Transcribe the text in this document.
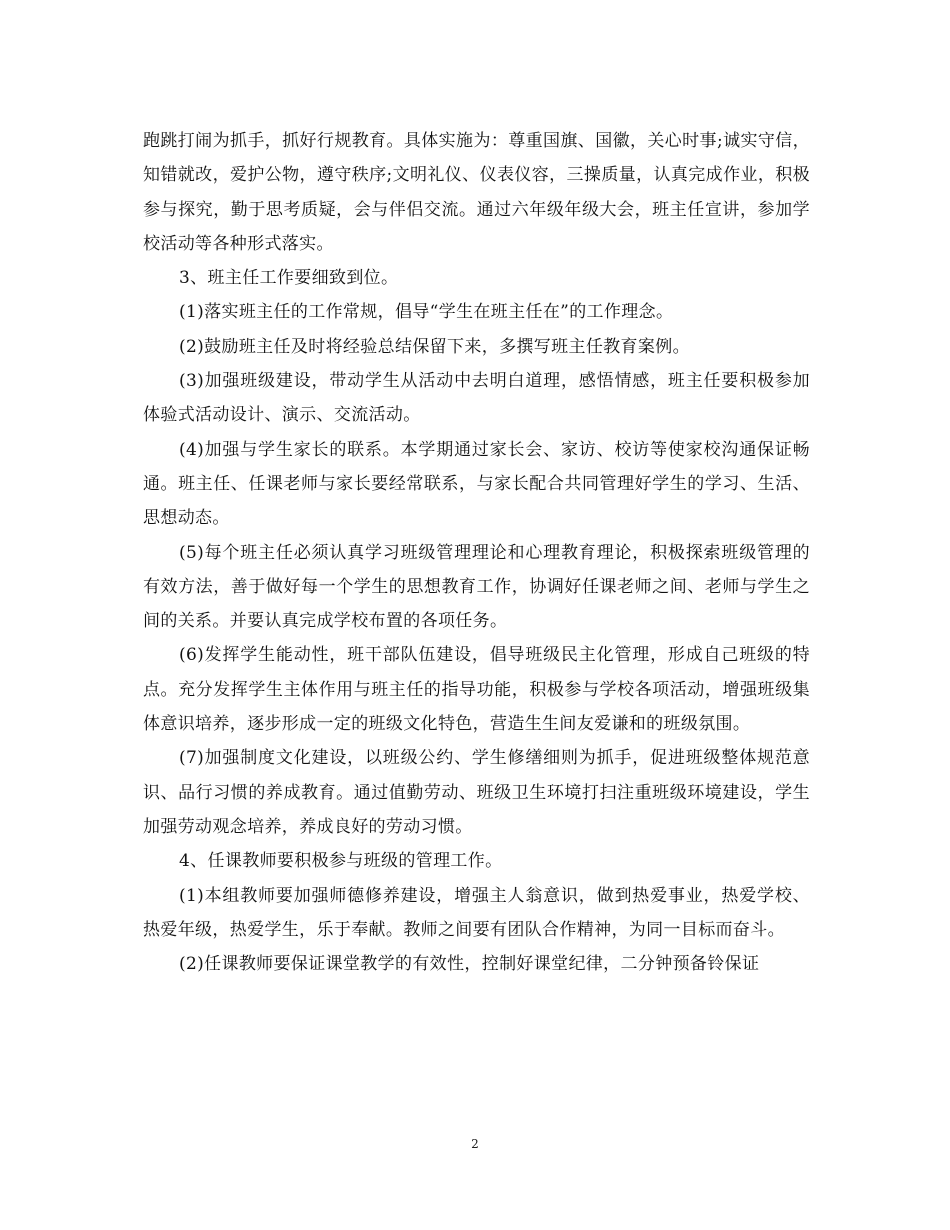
跑跳打闹为抓手，抓好行规教育。具体实施为：尊重国旗、国徽，关心时事;诚实守信，知错就改，爱护公物，遵守秩序;文明礼仪、仪表仪容，三操质量，认真完成作业，积极参与探究，勤于思考质疑，会与伴侣交流。通过六年级年级大会，班主任宣讲，参加学校活动等各种形式落实。

3、班主任工作要细致到位。

(1)落实班主任的工作常规，倡导“学生在班主任在”的工作理念。

(2)鼓励班主任及时将经验总结保留下来，多撰写班主任教育案例。

(3)加强班级建设，带动学生从活动中去明白道理，感悟情感，班主任要积极参加体验式活动设计、演示、交流活动。

(4)加强与学生家长的联系。本学期通过家长会、家访、校访等使家校沟通保证畅通。班主任、任课老师与家长要经常联系，与家长配合共同管理好学生的学习、生活、思想动态。

(5)每个班主任必须认真学习班级管理理论和心理教育理论，积极探索班级管理的有效方法，善于做好每一个学生的思想教育工作，协调好任课老师之间、老师与学生之间的关系。并要认真完成学校布置的各项任务。

(6)发挥学生能动性，班干部队伍建设，倡导班级民主化管理，形成自己班级的特点。充分发挥学生主体作用与班主任的指导功能，积极参与学校各项活动，增强班级集体意识培养，逐步形成一定的班级文化特色，营造生生间友爱谦和的班级氛围。

(7)加强制度文化建设，以班级公约、学生修缮细则为抓手，促进班级整体规范意识、品行习惯的养成教育。通过值勤劳动、班级卫生环境打扫注重班级环境建设，学生加强劳动观念培养，养成良好的劳动习惯。

4、任课教师要积极参与班级的管理工作。

(1)本组教师要加强师德修养建设，增强主人翁意识，做到热爱事业，热爱学校、热爱年级，热爱学生，乐于奉献。教师之间要有团队合作精神，为同一目标而奋斗。

(2)任课教师要保证课堂教学的有效性，控制好课堂纪律，二分钟预备铃保证

2
